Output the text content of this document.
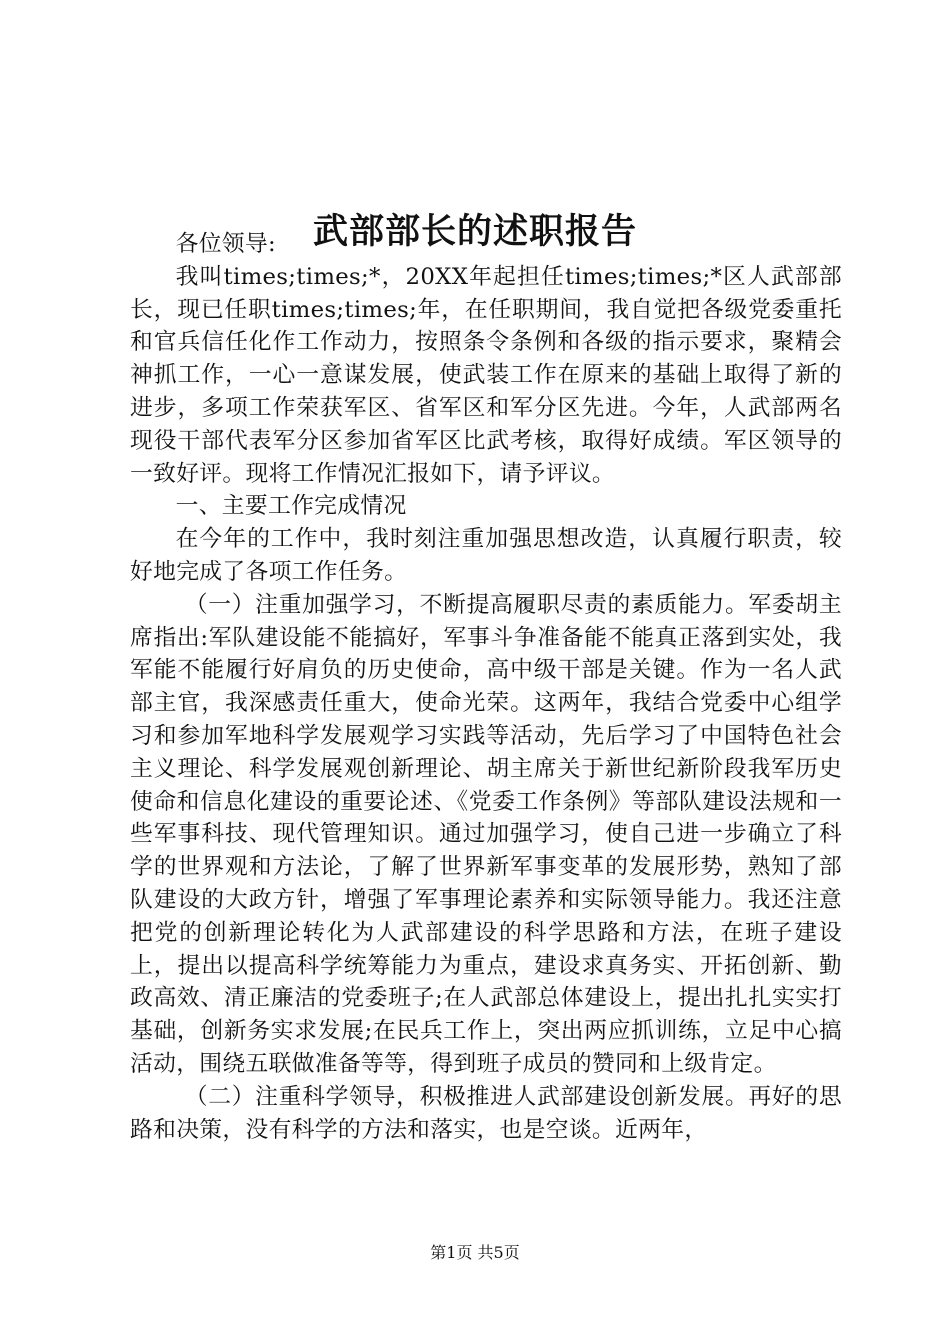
武部部长的述职报告

各位领导:

我叫times;times;*，20XX年起担任times;times;*区人武部部长，现已任职times;times;年，在任职期间，我自觉把各级党委重托和官兵信任化作工作动力，按照条令条例和各级的指示要求，聚精会神抓工作，一心一意谋发展，使武装工作在原来的基础上取得了新的进步，多项工作荣获军区、省军区和军分区先进。今年，人武部两名现役干部代表军分区参加省军区比武考核，取得好成绩。军区领导的一致好评。现将工作情况汇报如下，请予评议。

一、主要工作完成情况

在今年的工作中，我时刻注重加强思想改造，认真履行职责，较好地完成了各项工作任务。

（一）注重加强学习，不断提高履职尽责的素质能力。军委胡主席指出:军队建设能不能搞好，军事斗争准备能不能真正落到实处，我军能不能履行好肩负的历史使命，高中级干部是关键。作为一名人武部主官，我深感责任重大，使命光荣。这两年，我结合党委中心组学习和参加军地科学发展观学习实践等活动，先后学习了中国特色社会主义理论、科学发展观创新理论、胡主席关于新世纪新阶段我军历史使命和信息化建设的重要论述、《党委工作条例》等部队建设法规和一些军事科技、现代管理知识。通过加强学习，使自己进一步确立了科学的世界观和方法论，了解了世界新军事变革的发展形势，熟知了部队建设的大政方针，增强了军事理论素养和实际领导能力。我还注意把党的创新理论转化为人武部建设的科学思路和方法，在班子建设上，提出以提高科学统筹能力为重点，建设求真务实、开拓创新、勤政高效、清正廉洁的党委班子;在人武部总体建设上，提出扎扎实实打基础，创新务实求发展;在民兵工作上，突出两应抓训练，立足中心搞活动，围绕五联做准备等等，得到班子成员的赞同和上级肯定。

（二）注重科学领导，积极推进人武部建设创新发展。再好的思路和决策，没有科学的方法和落实，也是空谈。近两年，

第1页 共5页
